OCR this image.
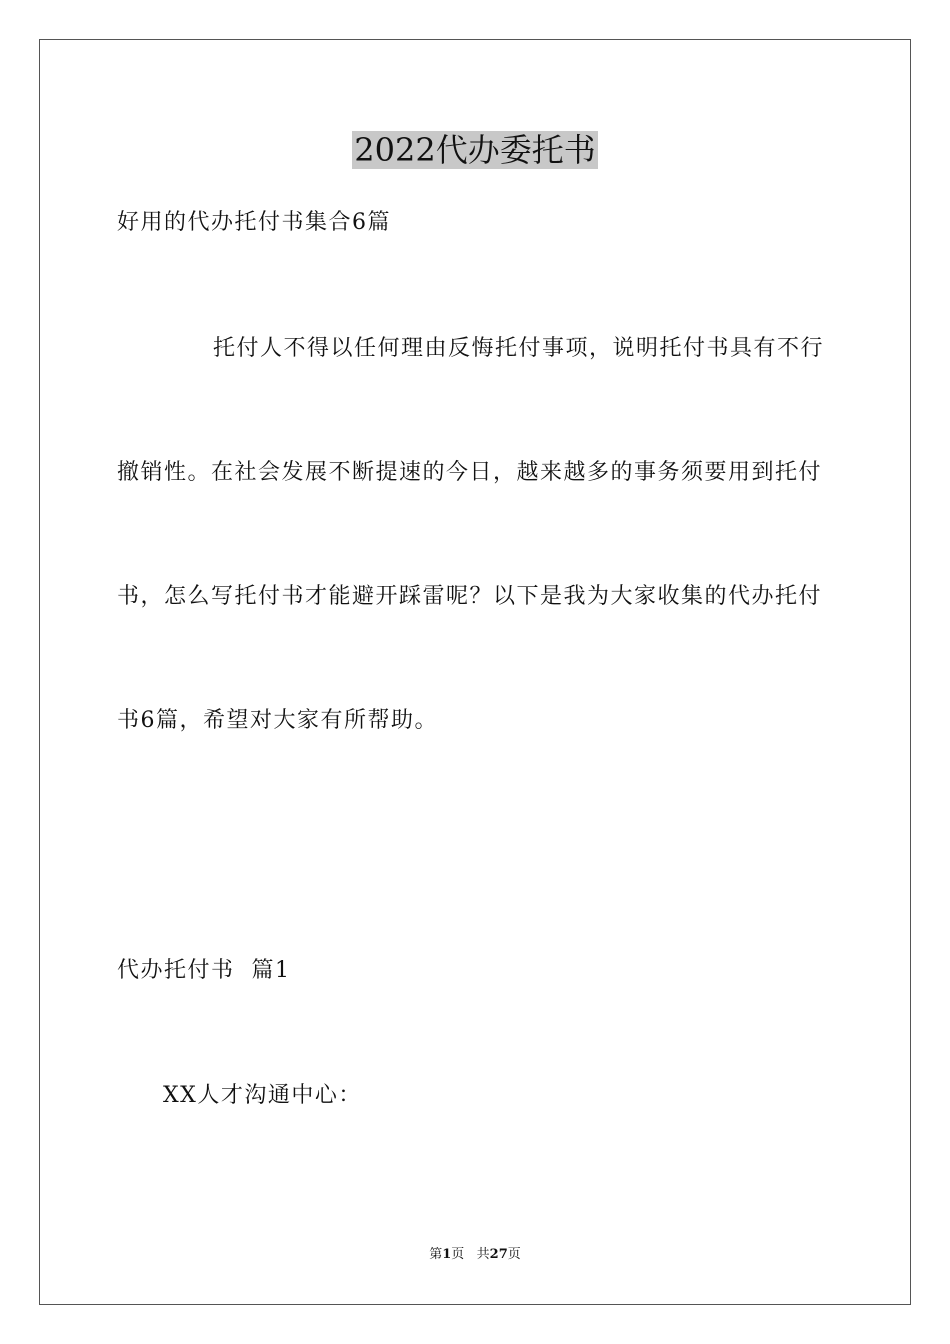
2022代办委托书
好用的代办托付书集合6篇
托付人不得以任何理由反悔托付事项，说明托付书具有不行
撤销性。在社会发展不断提速的今日，越来越多的事务须要用到托付
书，怎么写托付书才能避开踩雷呢？以下是我为大家收集的代办托付
书6篇，希望对大家有所帮助。
代办托付书  篇1
XX人才沟通中心：
第1页   共27页
